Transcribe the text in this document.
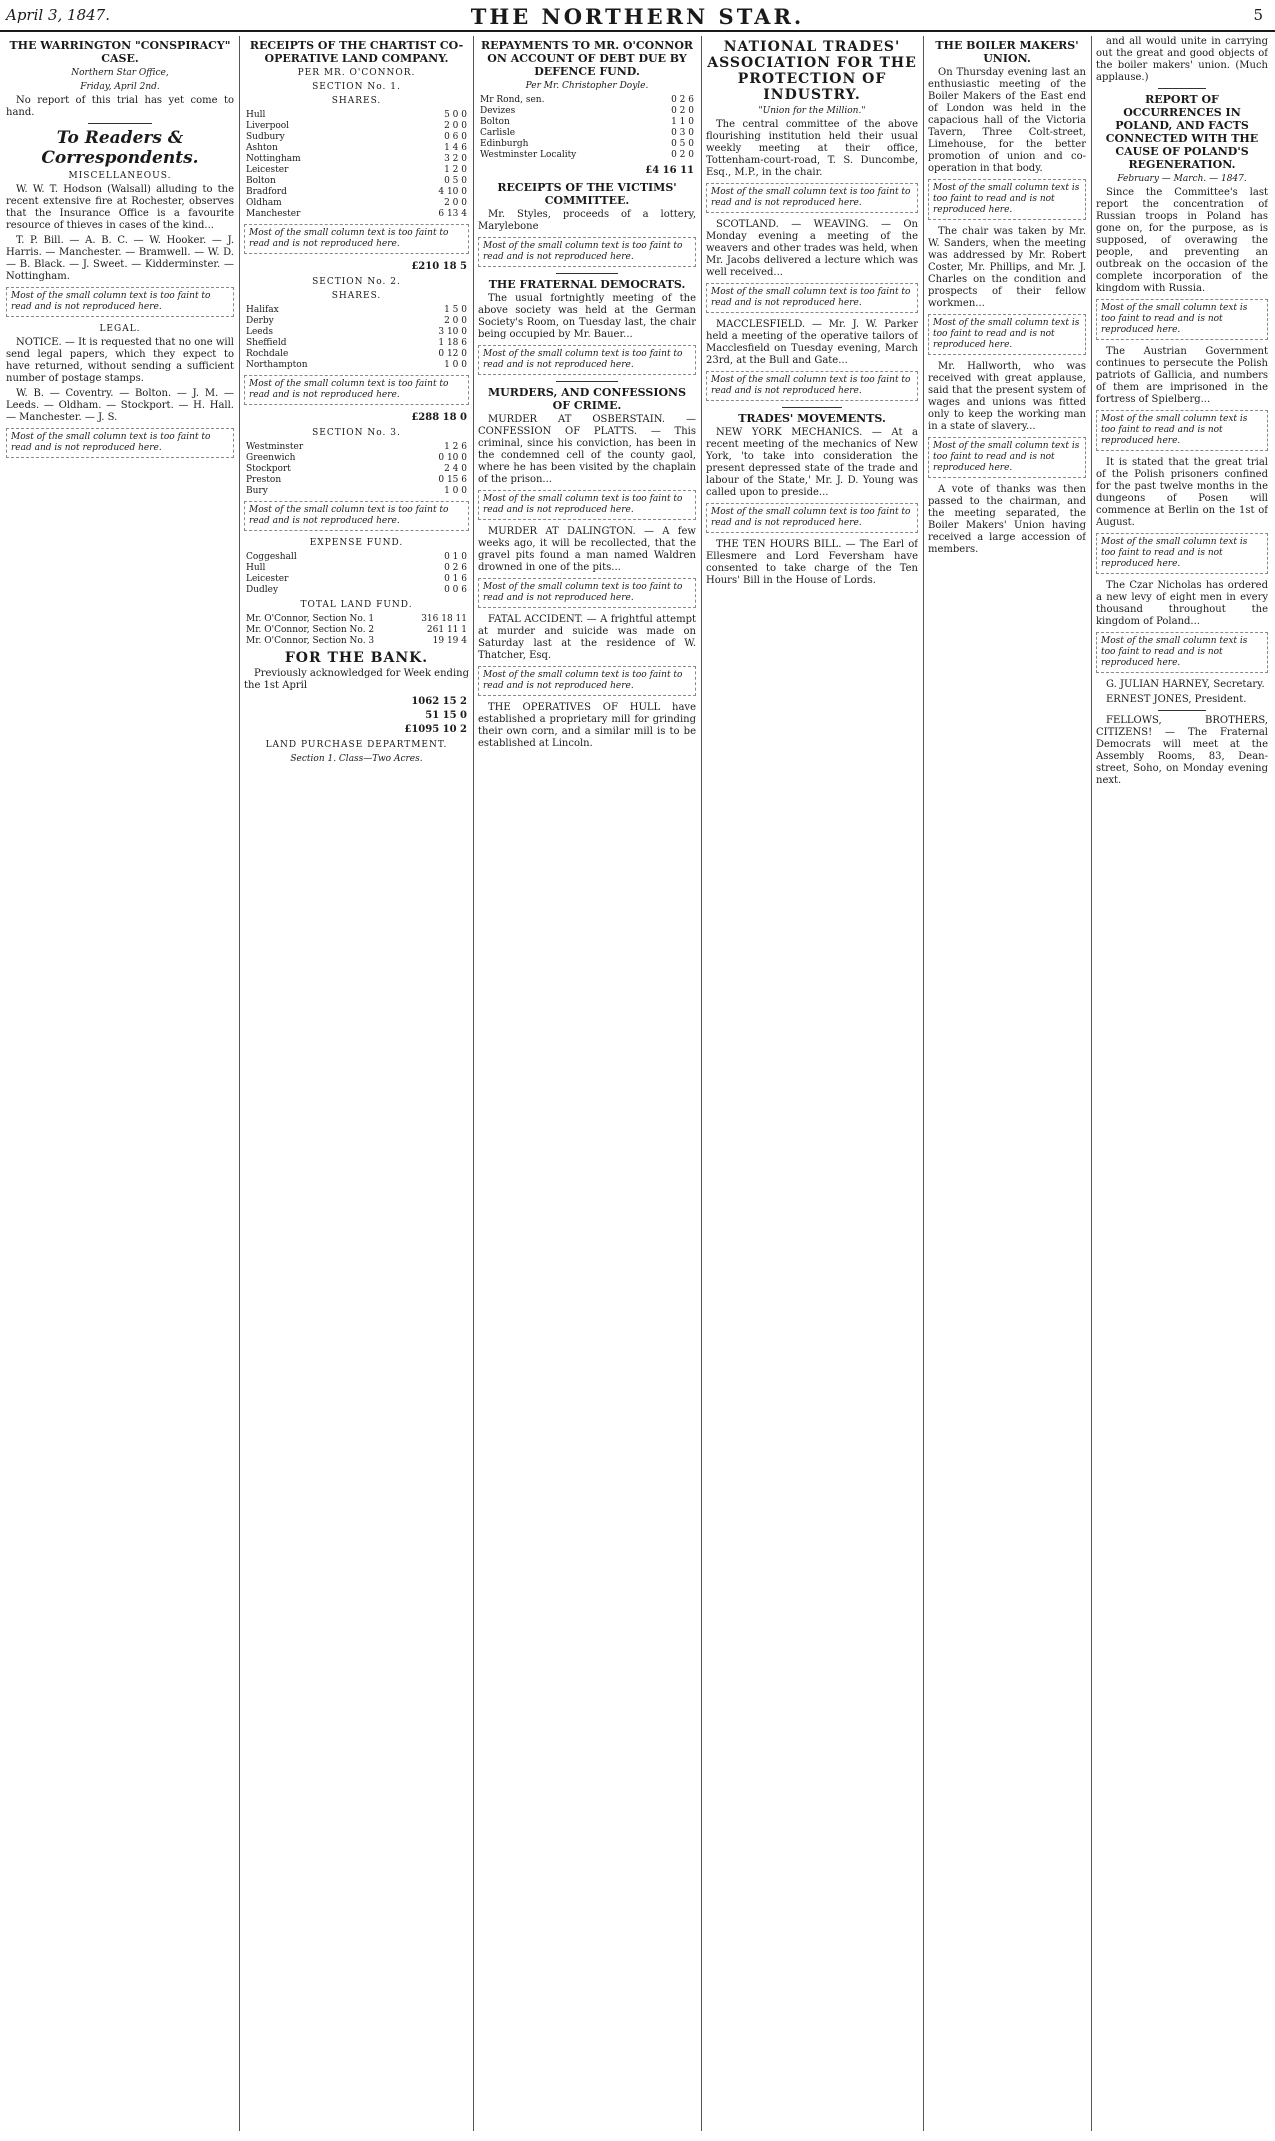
April 3, 1847.	THE NORTHERN STAR.	5
THE WARRINGTON "CONSPIRACY" CASE.
Northern Star Office,
Friday, April 2nd.

No report of this trial has yet come to hand.

To Readers & Correspondents.
MISCELLANEOUS.

W. W. T. Hodson (Walsall) alluding to the recent extensive fire at Rochester, observes that the Insurance Office is a favourite resource of thieves in cases of the kind...

T. P. Bill. — A. B. C. — W. Hooker. — J. Harris. — Manchester. — Bramwell. — W. D. — B. Black. — J. Sweet. — Kidderminster. — Nottingham.

Most of the small column text is too faint to read and is not reproduced here.
LEGAL.

NOTICE. — It is requested that no one will send legal papers, which they expect to have returned, without sending a sufficient number of postage stamps.

W. B. — Coventry. — Bolton. — J. M. — Leeds. — Oldham. — Stockport. — H. Hall. — Manchester. — J. S.

Most of the small column text is too faint to read and is not reproduced here.
RECEIPTS OF THE CHARTIST CO-OPERATIVE LAND COMPANY.
PER MR. O'CONNOR.
SECTION No. 1.
SHARES.
Hull	5 0 0
Liverpool	2 0 0
Sudbury	0 6 0
Ashton	1 4 6
Nottingham	3 2 0
Leicester	1 2 0
Bolton	0 5 0
Bradford	4 10 0
Oldham	2 0 0
Manchester	6 13 4
Most of the small column text is too faint to read and is not reproduced here.
£210 18 5
SECTION No. 2.
SHARES.
Halifax	1 5 0
Derby	2 0 0
Leeds	3 10 0
Sheffield	1 18 6
Rochdale	0 12 0
Northampton	1 0 0
Most of the small column text is too faint to read and is not reproduced here.
£288 18 0
SECTION No. 3.
Westminster	1 2 6
Greenwich	0 10 0
Stockport	2 4 0
Preston	0 15 6
Bury	1 0 0
Most of the small column text is too faint to read and is not reproduced here.
EXPENSE FUND.
Coggeshall	0 1 0
Hull	0 2 6
Leicester	0 1 6
Dudley	0 0 6
TOTAL LAND FUND.
Mr. O'Connor, Section No. 1	316 18 11
Mr. O'Connor, Section No. 2	261 11 1
Mr. O'Connor, Section No. 3	19 19 4
FOR THE BANK.

Previously acknowledged for Week ending the 1st April

1062 15 2
51 15 0
£1095 10 2
LAND PURCHASE DEPARTMENT.
Section 1. Class—Two Acres.
REPAYMENTS TO MR. O'CONNOR ON ACCOUNT OF DEBT DUE BY DEFENCE FUND.
Per Mr. Christopher Doyle.
Mr Rond, sen.	0 2 6
Devizes	0 2 0
Bolton	1 1 0
Carlisle	0 3 0
Edinburgh	0 5 0
Westminster Locality	0 2 0
£4 16 11
RECEIPTS OF THE VICTIMS' COMMITTEE.

Mr. Styles, proceeds of a lottery, Marylebone

Most of the small column text is too faint to read and is not reproduced here.
THE FRATERNAL DEMOCRATS.

The usual fortnightly meeting of the above society was held at the German Society's Room, on Tuesday last, the chair being occupied by Mr. Bauer...

Most of the small column text is too faint to read and is not reproduced here.
MURDERS, AND CONFESSIONS OF CRIME.

MURDER AT OSBERSTAIN. — CONFESSION OF PLATTS. — This criminal, since his conviction, has been in the condemned cell of the county gaol, where he has been visited by the chaplain of the prison...

Most of the small column text is too faint to read and is not reproduced here.

MURDER AT DALINGTON. — A few weeks ago, it will be recollected, that the gravel pits found a man named Waldren drowned in one of the pits...

Most of the small column text is too faint to read and is not reproduced here.

FATAL ACCIDENT. — A frightful attempt at murder and suicide was made on Saturday last at the residence of W. Thatcher, Esq.

Most of the small column text is too faint to read and is not reproduced here.

THE OPERATIVES OF HULL have established a proprietary mill for grinding their own corn, and a similar mill is to be established at Lincoln.

NATIONAL TRADES' ASSOCIATION FOR THE PROTECTION OF INDUSTRY.
"Union for the Million."

The central committee of the above flourishing institution held their usual weekly meeting at their office, Tottenham-court-road, T. S. Duncombe, Esq., M.P., in the chair.

Most of the small column text is too faint to read and is not reproduced here.

SCOTLAND. — WEAVING. — On Monday evening a meeting of the weavers and other trades was held, when Mr. Jacobs delivered a lecture which was well received...

Most of the small column text is too faint to read and is not reproduced here.

MACCLESFIELD. — Mr. J. W. Parker held a meeting of the operative tailors of Macclesfield on Tuesday evening, March 23rd, at the Bull and Gate...

Most of the small column text is too faint to read and is not reproduced here.
TRADES' MOVEMENTS.

NEW YORK MECHANICS. — At a recent meeting of the mechanics of New York, 'to take into consideration the present depressed state of the trade and labour of the State,' Mr. J. D. Young was called upon to preside...

Most of the small column text is too faint to read and is not reproduced here.

THE TEN HOURS BILL. — The Earl of Ellesmere and Lord Feversham have consented to take charge of the Ten Hours' Bill in the House of Lords.

THE BOILER MAKERS' UNION.

On Thursday evening last an enthusiastic meeting of the Boiler Makers of the East end of London was held in the capacious hall of the Victoria Tavern, Three Colt-street, Limehouse, for the better promotion of union and co-operation in that body.

Most of the small column text is too faint to read and is not reproduced here.

The chair was taken by Mr. W. Sanders, when the meeting was addressed by Mr. Robert Coster, Mr. Phillips, and Mr. J. Charles on the condition and prospects of their fellow workmen...

Most of the small column text is too faint to read and is not reproduced here.

Mr. Hallworth, who was received with great applause, said that the present system of wages and unions was fitted only to keep the working man in a state of slavery...

Most of the small column text is too faint to read and is not reproduced here.

A vote of thanks was then passed to the chairman, and the meeting separated, the Boiler Makers' Union having received a large accession of members.

and all would unite in carrying out the great and good objects of the boiler makers' union. (Much applause.)

REPORT OF OCCURRENCES IN POLAND, AND FACTS CONNECTED WITH THE CAUSE OF POLAND'S REGENERATION.
February — March. — 1847.

Since the Committee's last report the concentration of Russian troops in Poland has gone on, for the purpose, as is supposed, of overawing the people, and preventing an outbreak on the occasion of the complete incorporation of the kingdom with Russia.

Most of the small column text is too faint to read and is not reproduced here.

The Austrian Government continues to persecute the Polish patriots of Gallicia, and numbers of them are imprisoned in the fortress of Spielberg...

Most of the small column text is too faint to read and is not reproduced here.

It is stated that the great trial of the Polish prisoners confined for the past twelve months in the dungeons of Posen will commence at Berlin on the 1st of August.

Most of the small column text is too faint to read and is not reproduced here.

The Czar Nicholas has ordered a new levy of eight men in every thousand throughout the kingdom of Poland...

Most of the small column text is too faint to read and is not reproduced here.

G. JULIAN HARNEY, Secretary.

ERNEST JONES, President.

FELLOWS, BROTHERS, CITIZENS! — The Fraternal Democrats will meet at the Assembly Rooms, 83, Dean-street, Soho, on Monday evening next.
